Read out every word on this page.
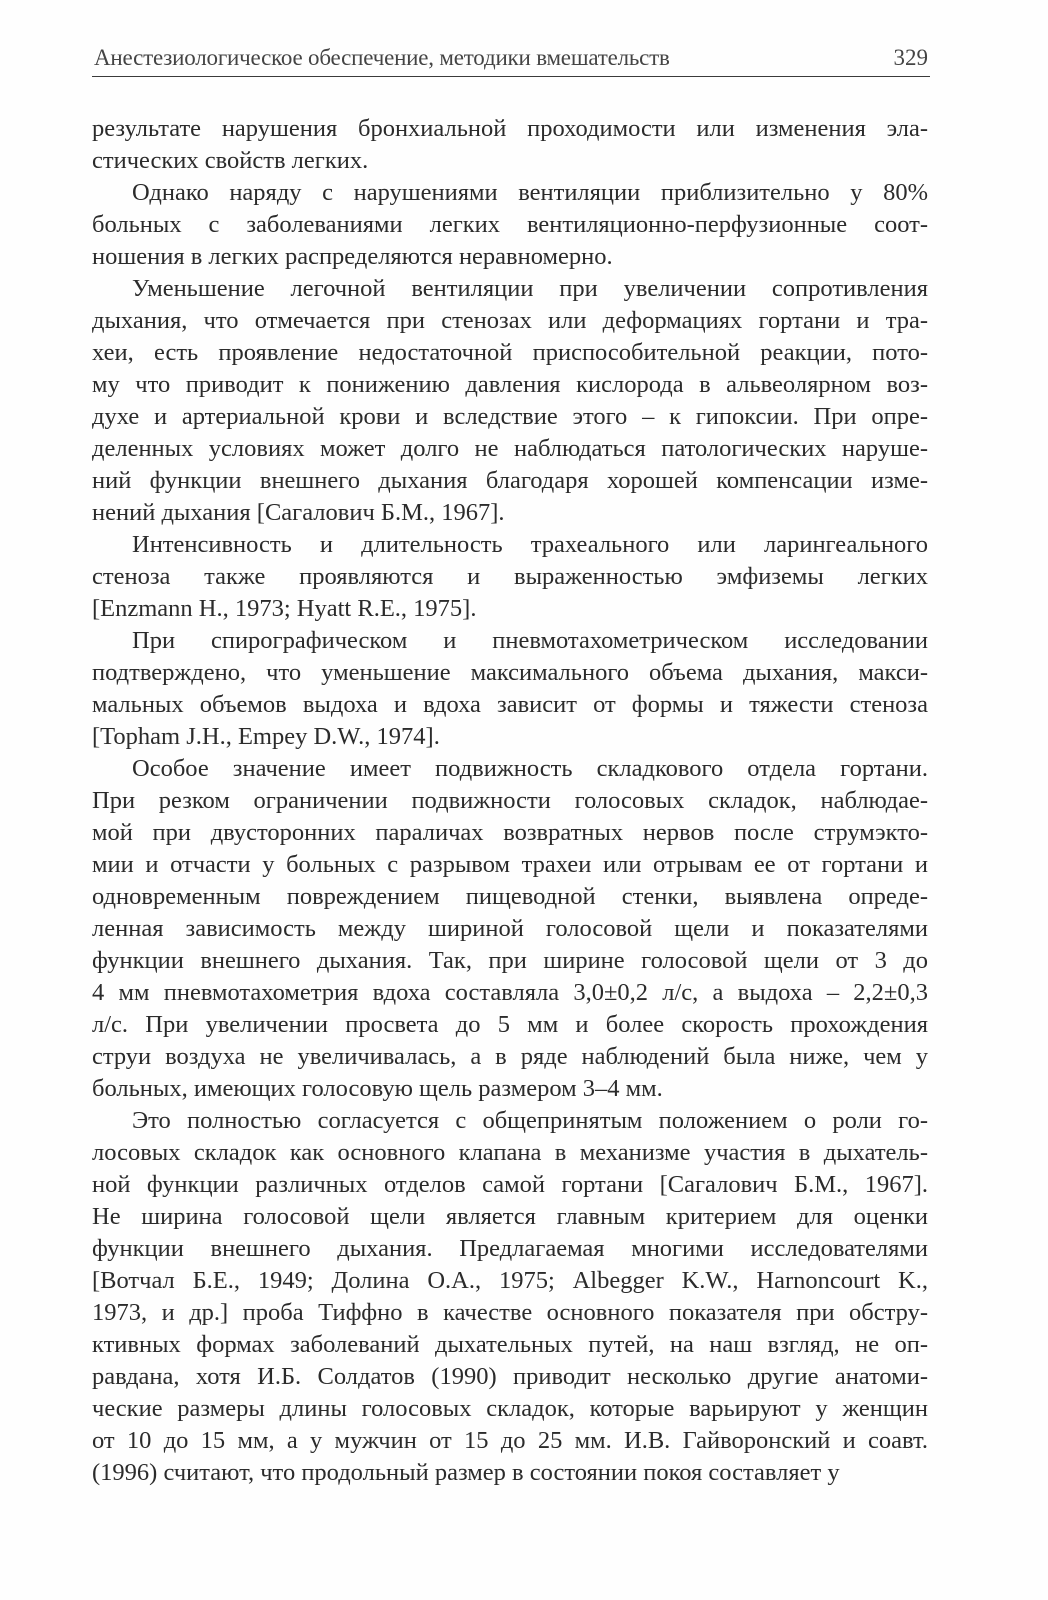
Анестезиологическое обеспечение, методики вмешательств	329

результате нарушения бронхиальной проходимости или изменения эла-
стических свойств легких.

Однако наряду с нарушениями вентиляции приблизительно у 80%
больных с заболеваниями легких вентиляционно-перфузионные соот-
ношения в легких распределяются неравномерно.

Уменьшение легочной вентиляции при увеличении сопротивления
дыхания, что отмечается при стенозах или деформациях гортани и тра-
хеи, есть проявление недостаточной приспособительной реакции, пото-
му что приводит к понижению давления кислорода в альвеолярном воз-
духе и артериальной крови и вследствие этого – к гипоксии. При опре-
деленных условиях может долго не наблюдаться патологических наруше-
ний функции внешнего дыхания благодаря хорошей компенсации изме-
нений дыхания [Сагалович Б.М., 1967].

Интенсивность и длительность трахеального или ларингеального
стеноза также проявляются и выраженностью эмфиземы легких
[Enzmann H., 1973; Hyatt R.E., 1975].

При спирографическом и пневмотахометрическом исследовании
подтверждено, что уменьшение максимального объема дыхания, макси-
мальных объемов выдоха и вдоха зависит от формы и тяжести стеноза
[Topham J.H., Empey D.W., 1974].

Особое значение имеет подвижность складкового отдела гортани.
При резком ограничении подвижности голосовых складок, наблюдае-
мой при двусторонних параличах возвратных нервов после струмэкто-
мии и отчасти у больных с разрывом трахеи или отрывам ее от гортани и
одновременным повреждением пищеводной стенки, выявлена опреде-
ленная зависимость между шириной голосовой щели и показателями
функции внешнего дыхания. Так, при ширине голосовой щели от 3 до
4 мм пневмотахометрия вдоха составляла 3,0±0,2 л/с, а выдоха – 2,2±0,3
л/с. При увеличении просвета до 5 мм и более скорость прохождения
струи воздуха не увеличивалась, а в ряде наблюдений была ниже, чем у
больных, имеющих голосовую щель размером 3–4 мм.

Это полностью согласуется с общепринятым положением о роли го-
лосовых складок как основного клапана в механизме участия в дыхатель-
ной функции различных отделов самой гортани [Сагалович Б.М., 1967].
Не ширина голосовой щели является главным критерием для оценки
функции внешнего дыхания. Предлагаемая многими исследователями
[Вотчал Б.Е., 1949; Долина О.А., 1975; Albegger K.W., Harnoncourt K.,
1973, и др.] проба Тиффно в качестве основного показателя при обстру-
ктивных формах заболеваний дыхательных путей, на наш взгляд, не оп-
равдана, хотя И.Б. Солдатов (1990) приводит несколько другие анатоми-
ческие размеры длины голосовых складок, которые варьируют у женщин
от 10 до 15 мм, а у мужчин от 15 до 25 мм. И.В. Гайворонский и соавт.
(1996) считают, что продольный размер в состоянии покоя составляет у
